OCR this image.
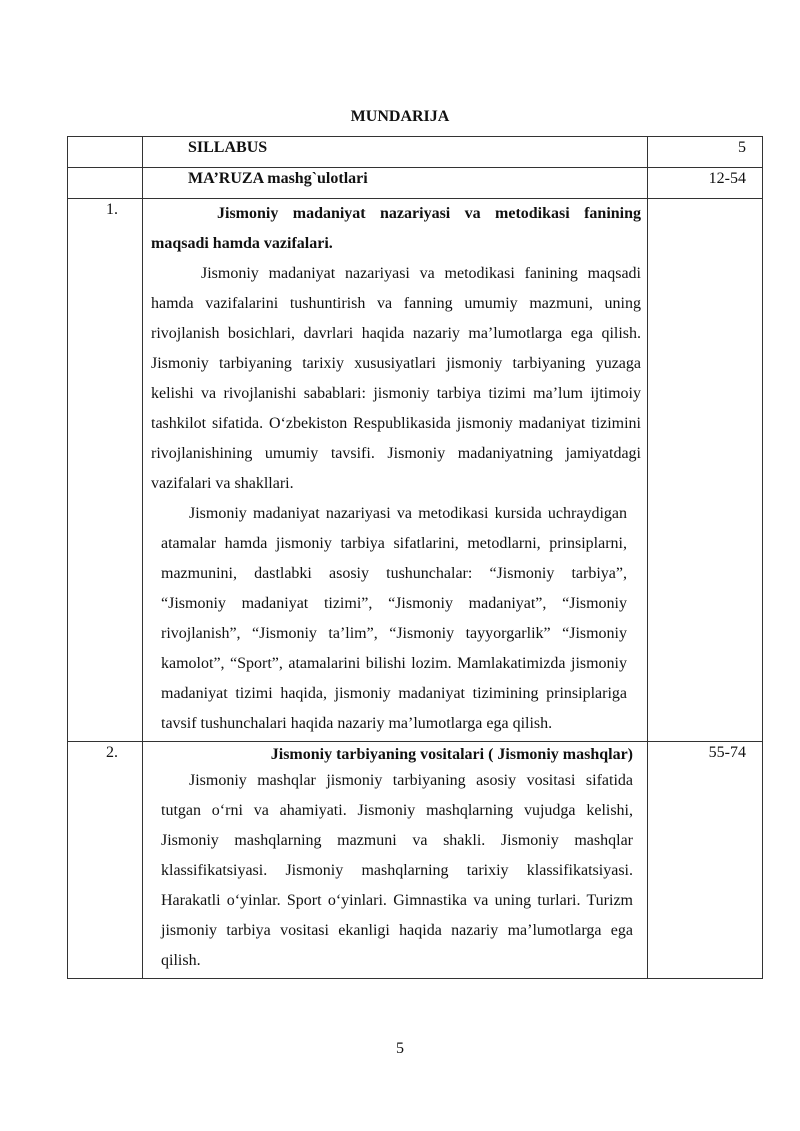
MUNDARIJA
	SILLABUS	5
	MA’RUZA mashg`ulotlari	12-54
1.	Jismoniy madaniyat nazariyasi va metodikasi fanining maqsadi hamda vazifalari.
Jismoniy madaniyat nazariyasi va metodikasi fanining maqsadi hamda vazifalarini tushuntirish va fanning umumiy mazmuni, uning rivojlanish bosichlari, davrlari haqida nazariy ma’lumotlarga ega qilish. Jismoniy tarbiyaning tarixiy xususiyatlari jismoniy tarbiyaning yuzaga kelishi va rivojlanishi sabablari: jismoniy tarbiya tizimi ma’lum ijtimoiy tashkilot sifatida. O‘zbekiston Respublikasida jismoniy madaniyat tizimini rivojlanishining umumiy tavsifi. Jismoniy madaniyatning jamiyatdagi vazifalari va shakllari.
Jismoniy madaniyat nazariyasi va metodikasi kursida uchraydigan atamalar hamda jismoniy tarbiya sifatlarini, metodlarni, prinsiplarni, mazmunini, dastlabki asosiy tushunchalar: “Jismoniy tarbiya”, “Jismoniy madaniyat tizimi”, “Jismoniy madaniyat”, “Jismoniy rivojlanish”, “Jismoniy ta’lim”, “Jismoniy tayyorgarlik” “Jismoniy kamolot”, “Sport”, atamalarini bilishi lozim. Mamlakatimizda jismoniy madaniyat tizimi haqida, jismoniy madaniyat tizimining prinsiplariga tavsif tushunchalari haqida nazariy ma’lumotlarga ega qilish.	

2.	Jismoniy tarbiyaning vositalari ( Jismoniy mashqlar)
Jismoniy mashqlar jismoniy tarbiyaning asosiy vositasi sifatida tutgan o‘rni va ahamiyati. Jismoniy mashqlarning vujudga kelishi, Jismoniy mashqlarning mazmuni va shakli. Jismoniy mashqlar klassifikatsiyasi. Jismoniy mashqlarning tarixiy klassifikatsiyasi. Harakatli o‘yinlar. Sport o‘yinlari. Gimnastika va uning turlari. Turizm jismoniy tarbiya vositasi ekanligi haqida nazariy ma’lumotlarga ega qilish.	55-74
5
